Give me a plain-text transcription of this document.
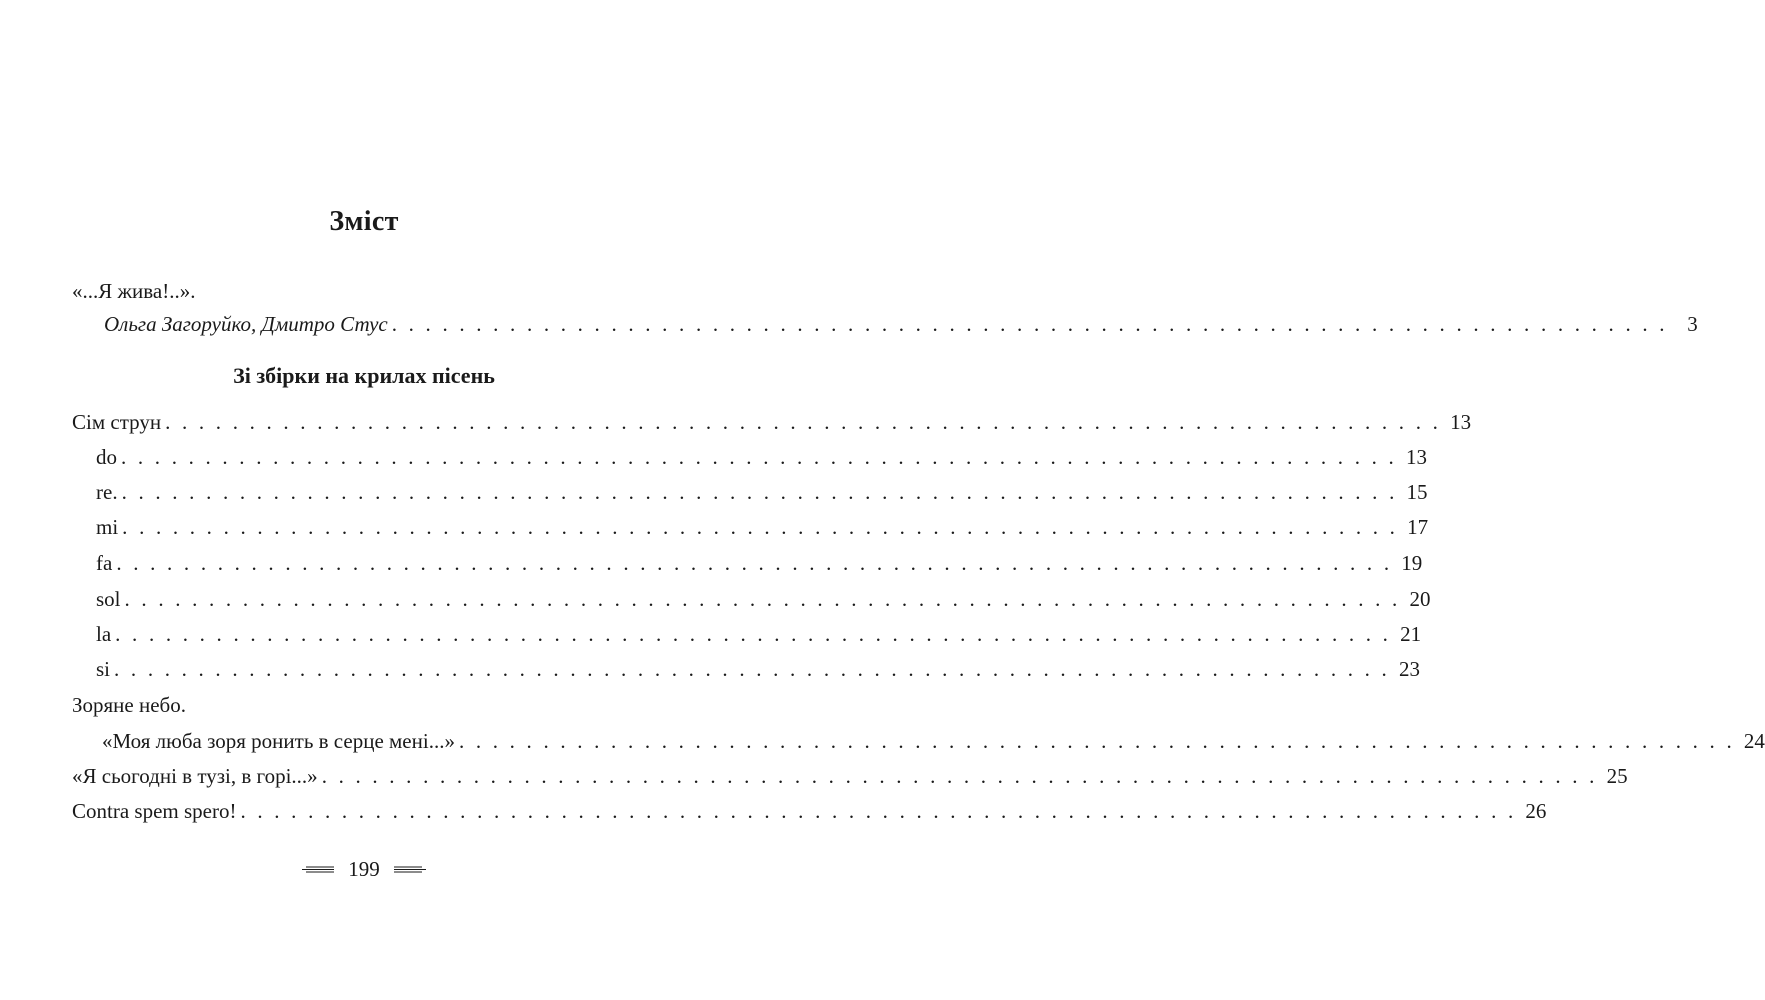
Зміст
«...Я жива!..».
Ольга Загоруйко, Дмитро Стус . . . . . . . . . . . . . . . . . . . . . . . . . . . . . . . . . . . . . . . . . . . . . . . . . . . . . . . . . . . . . . . . . . . . . . . . . . . . 3
Зі збірки на крилах пісень
Сім струн . . . . . . . . . . . . . . . . . . . . . . . . . . . . . . . . . . . . . . . . . . . . . . . . . . . . . . . . . . . . . . . . . . . . . . . . . . . . 13
do . . . . . . . . . . . . . . . . . . . . . . . . . . . . . . . . . . . . . . . . . . . . . . . . . . . . . . . . . . . . . . . . . . . . . . . . . . . . 13
re. . . . . . . . . . . . . . . . . . . . . . . . . . . . . . . . . . . . . . . . . . . . . . . . . . . . . . . . . . . . . . . . . . . . . . . . . . . . . 15
mi . . . . . . . . . . . . . . . . . . . . . . . . . . . . . . . . . . . . . . . . . . . . . . . . . . . . . . . . . . . . . . . . . . . . . . . . . . . . 17
fa . . . . . . . . . . . . . . . . . . . . . . . . . . . . . . . . . . . . . . . . . . . . . . . . . . . . . . . . . . . . . . . . . . . . . . . . . . . . 19
sol . . . . . . . . . . . . . . . . . . . . . . . . . . . . . . . . . . . . . . . . . . . . . . . . . . . . . . . . . . . . . . . . . . . . . . . . . . . . 20
la . . . . . . . . . . . . . . . . . . . . . . . . . . . . . . . . . . . . . . . . . . . . . . . . . . . . . . . . . . . . . . . . . . . . . . . . . . . . 21
si . . . . . . . . . . . . . . . . . . . . . . . . . . . . . . . . . . . . . . . . . . . . . . . . . . . . . . . . . . . . . . . . . . . . . . . . . . . . 23
Зоряне небо.
«Моя люба зоря ронить в серце мені...» . . . . . . . . . . . . . . . . . . . . . . . . . . . . . . . . . . . . . . . . . . . . . . . . . . . . . . . . . . . . . . . . . . . . . . . . . . . . 24
«Я сьогодні в тузі, в горі...» . . . . . . . . . . . . . . . . . . . . . . . . . . . . . . . . . . . . . . . . . . . . . . . . . . . . . . . . . . . . . . . . . . . . . . . . . . . . 25
Contra spem spero! . . . . . . . . . . . . . . . . . . . . . . . . . . . . . . . . . . . . . . . . . . . . . . . . . . . . . . . . . . . . . . . . . . . . . . . . . . . . 26
199
